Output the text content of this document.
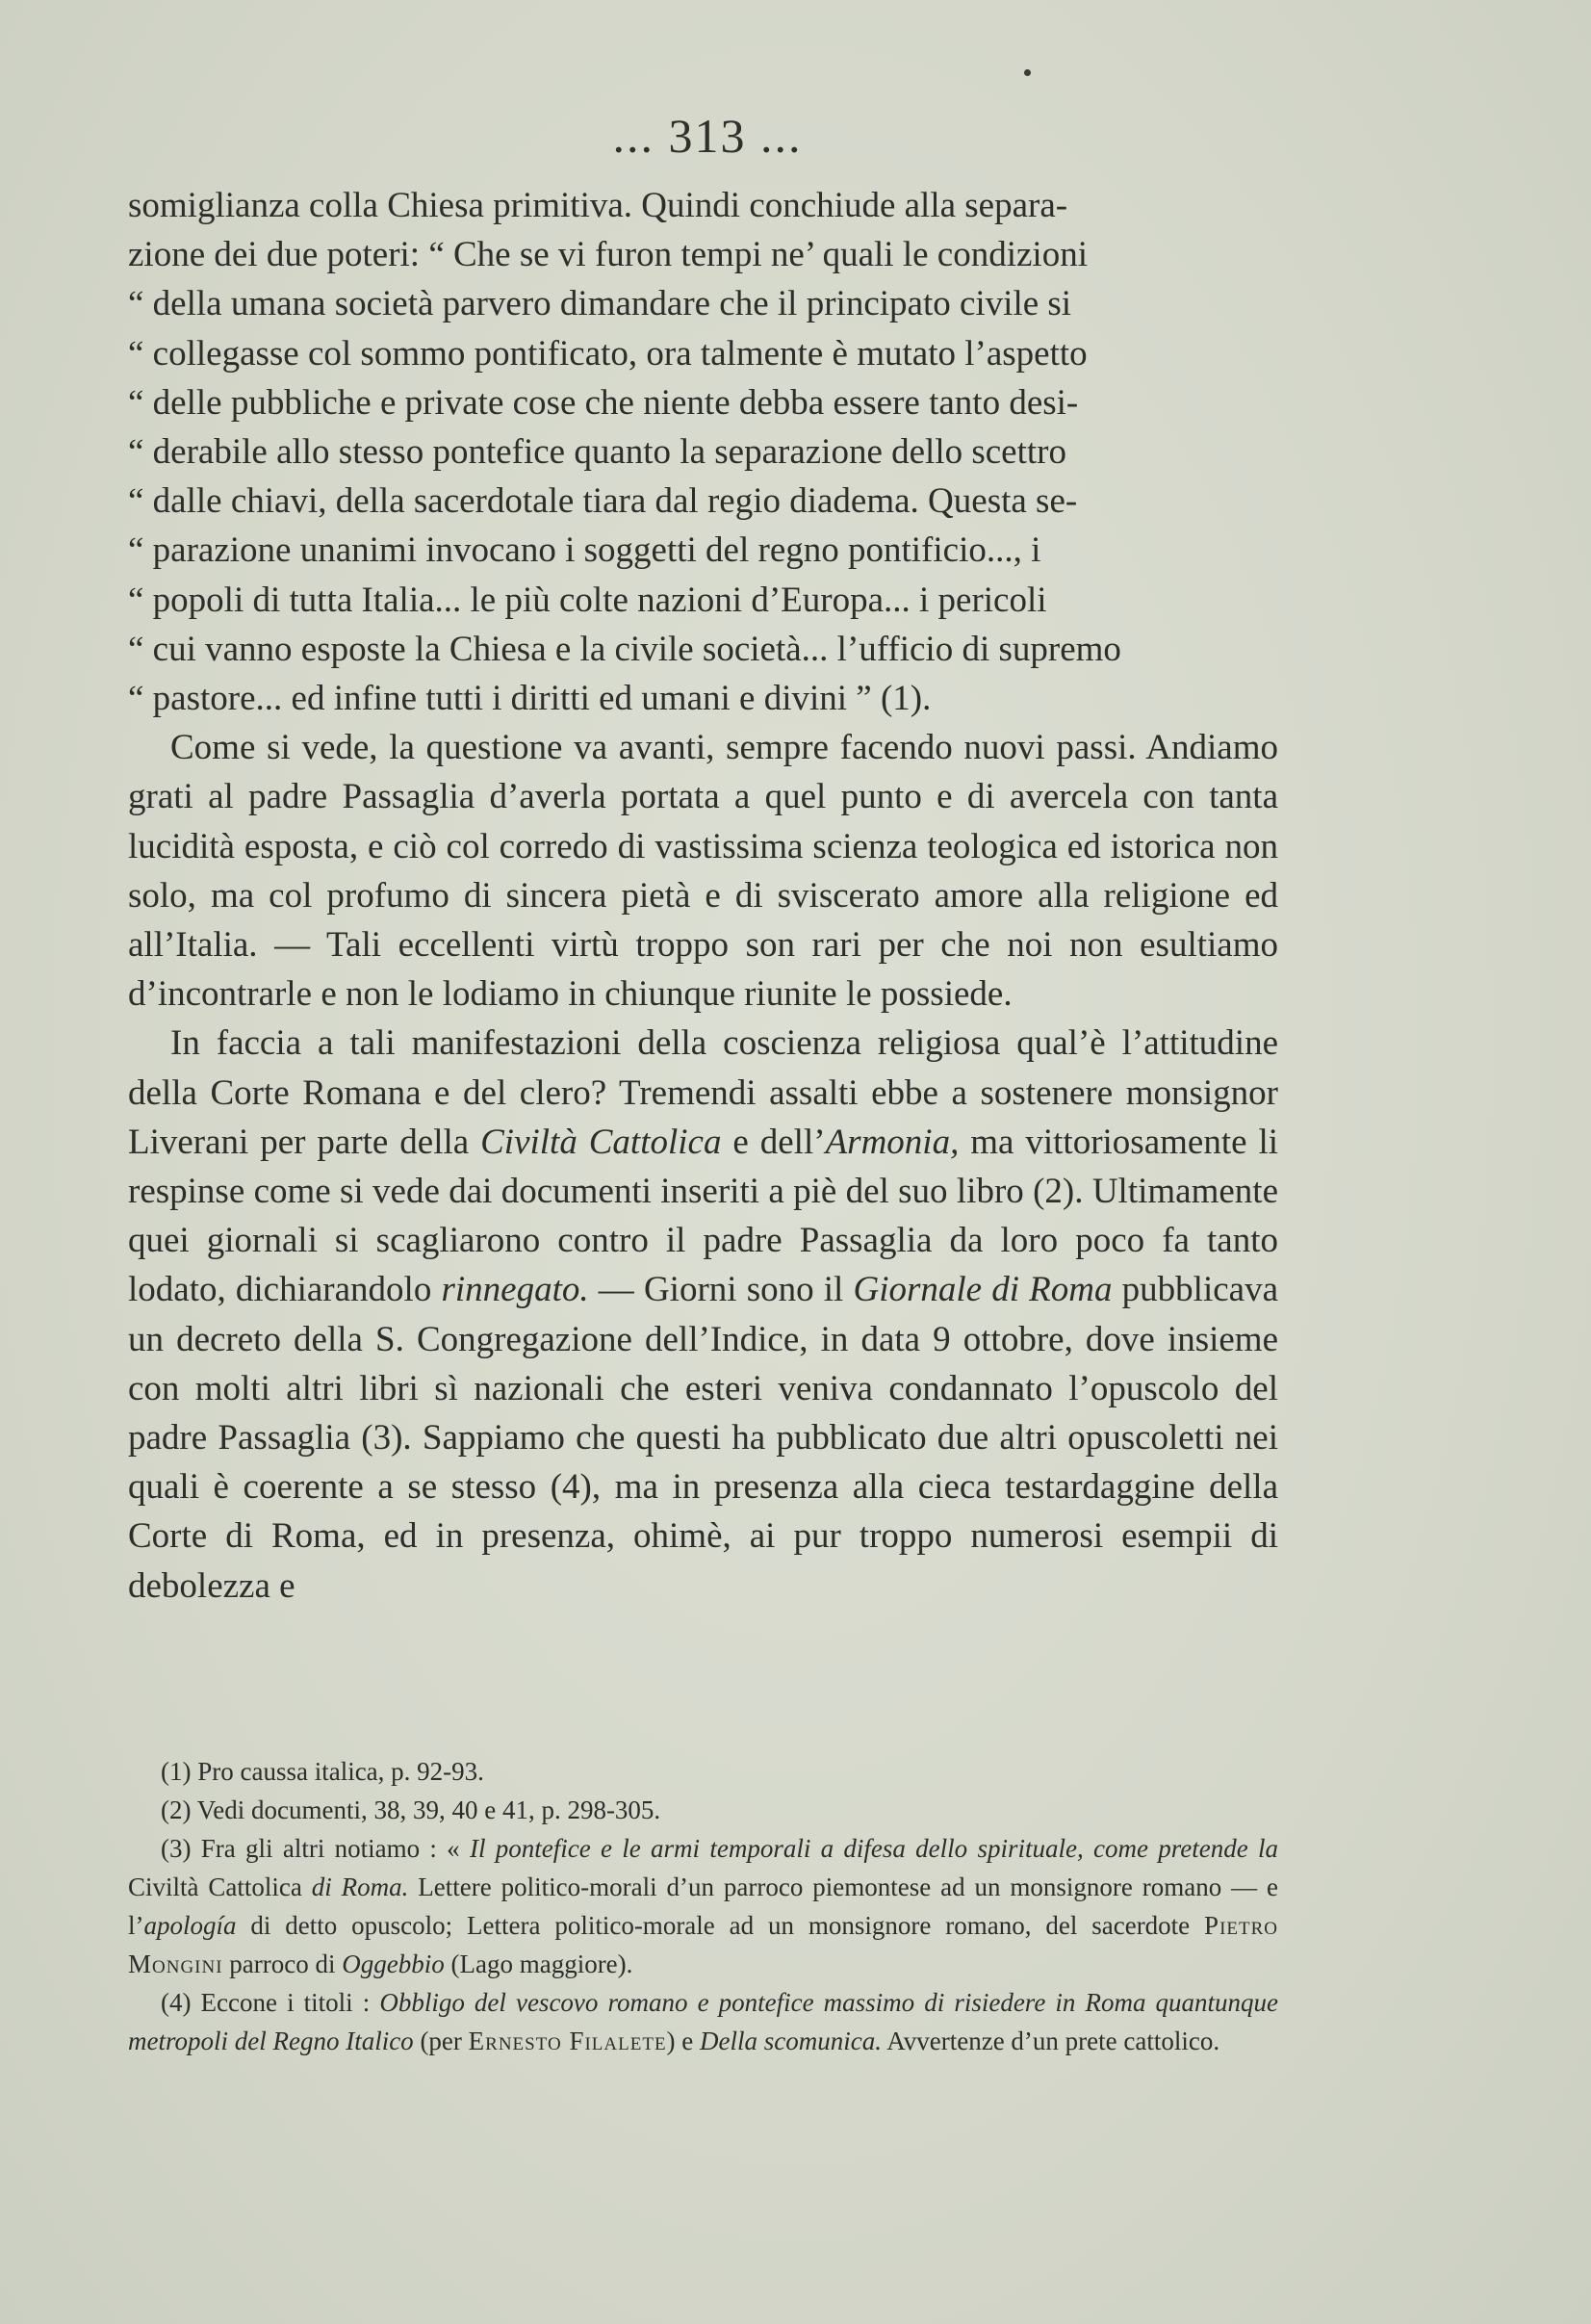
... 313 ...

somiglianza colla Chiesa primitiva. Quindi conchiude alla separa-
zione dei due poteri: “ Che se vi furon tempi ne’ quali le condizioni
“ della umana società parvero dimandare che il principato civile si
“ collegasse col sommo pontificato, ora talmente è mutato l’aspetto
“ delle pubbliche e private cose che niente debba essere tanto desi-
“ derabile allo stesso pontefice quanto la separazione dello scettro
“ dalle chiavi, della sacerdotale tiara dal regio diadema. Questa se-
“ parazione unanimi invocano i soggetti del regno pontificio..., i
“ popoli di tutta Italia... le più colte nazioni d’Europa... i pericoli
“ cui vanno esposte la Chiesa e la civile società... l’ufficio di supremo
“ pastore... ed infine tutti i diritti ed umani e divini ” (1).

Come si vede, la questione va avanti, sempre facendo nuovi passi. Andiamo grati al padre Passaglia d’averla portata a quel punto e di avercela con tanta lucidità esposta, e ciò col corredo di vastissima scienza teologica ed istorica non solo, ma col profumo di sincera pietà e di sviscerato amore alla religione ed all’Italia. — Tali eccellenti virtù troppo son rari per che noi non esultiamo d’incontrarle e non le lodiamo in chiunque riunite le possiede.

In faccia a tali manifestazioni della coscienza religiosa qual’è l’attitudine della Corte Romana e del clero? Tremendi assalti ebbe a sostenere monsignor Liverani per parte della Civiltà Cattolica e dell’Armonia, ma vittoriosamente li respinse come si vede dai documenti inseriti a piè del suo libro (2). Ultimamente quei giornali si scagliarono contro il padre Passaglia da loro poco fa tanto lodato, dichiarandolo rinnegato. — Giorni sono il Giornale di Roma pubblicava un decreto della S. Congregazione dell’Indice, in data 9 ottobre, dove insieme con molti altri libri sì nazionali che esteri veniva condannato l’opuscolo del padre Passaglia (3). Sappiamo che questi ha pubblicato due altri opuscoletti nei quali è coerente a se stesso (4), ma in presenza alla cieca testardaggine della Corte di Roma, ed in presenza, ohimè, ai pur troppo numerosi esempii di debolezza e

(1) Pro caussa italica, p. 92-93.

(2) Vedi documenti, 38, 39, 40 e 41, p. 298-305.

(3) Fra gli altri notiamo : « Il pontefice e le armi temporali a difesa dello spirituale, come pretende la Civiltà Cattolica di Roma. Lettere politico-morali d’un parroco piemontese ad un monsignore romano — e l’apología di detto opuscolo; Lettera politico-morale ad un monsignore romano, del sacerdote Pietro Mongini parroco di Oggebbio (Lago maggiore).

(4) Eccone i titoli : Obbligo del vescovo romano e pontefice massimo di risiedere in Roma quantunque metropoli del Regno Italico (per Ernesto Filalete) e Della scomunica. Avvertenze d’un prete cattolico.
